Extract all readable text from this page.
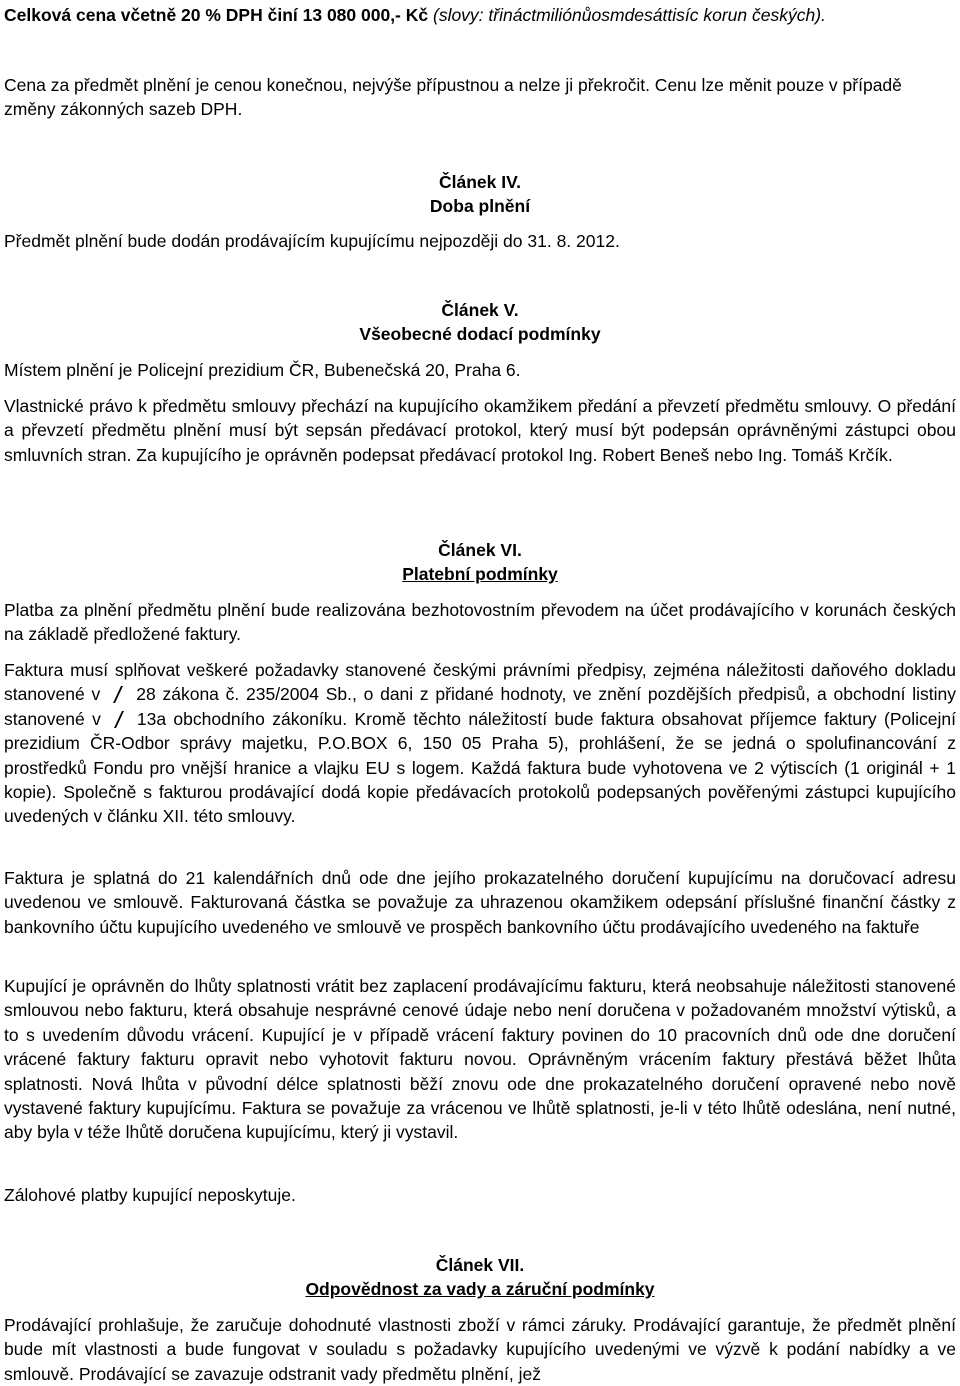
Celková cena včetně 20 % DPH činí 13 080 000,- Kč (slovy: třináctmiliónůosmdesáttisíc korun českých).

Cena za předmět plnění je cenou konečnou, nejvýše přípustnou a nelze ji překročit. Cenu lze měnit pouze v případě změny zákonných sazeb DPH.

Článek IV.

Doba plnění

Předmět plnění bude dodán prodávajícím kupujícímu nejpozději do 31. 8. 2012.

Článek V.

Všeobecné dodací podmínky

Místem plnění je Policejní prezidium ČR, Bubenečská 20, Praha 6.

Vlastnické právo k předmětu smlouvy přechází na kupujícího okamžikem předání a převzetí předmětu smlouvy. O předání a převzetí předmětu plnění musí být sepsán předávací protokol, který musí být podepsán oprávněnými zástupci obou smluvních stran. Za kupujícího je oprávněn podepsat předávací protokol Ing. Robert Beneš nebo Ing. Tomáš Krčík.

Článek VI.

Platební podmínky

Platba za plnění předmětu plnění bude realizována bezhotovostním převodem na účet prodávajícího v korunách českých na základě předložené faktury.

Faktura musí splňovat veškeré požadavky stanovené českými právními předpisy, zejména náležitosti daňového dokladu stanovené v 28 zákona č. 235/2004 Sb., o dani z přidané hodnoty, ve znění pozdějších předpisů, a obchodní listiny stanovené v 13a obchodního zákoníku. Kromě těchto náležitostí bude faktura obsahovat příjemce faktury (Policejní prezidium ČR-Odbor správy majetku, P.O.BOX 6, 150 05 Praha 5), prohlášení, že se jedná o spolufinancování z prostředků Fondu pro vnější hranice a vlajku EU s logem. Každá faktura bude vyhotovena ve 2 výtiscích (1 originál + 1 kopie). Společně s fakturou prodávající dodá kopie předávacích protokolů podepsaných pověřenými zástupci kupujícího uvedených v článku XII. této smlouvy.

Faktura je splatná do 21 kalendářních dnů ode dne jejího prokazatelného doručení kupujícímu na doručovací adresu uvedenou ve smlouvě. Fakturovaná částka se považuje za uhrazenou okamžikem odepsání příslušné finanční částky z bankovního účtu kupujícího uvedeného ve smlouvě ve prospěch bankovního účtu prodávajícího uvedeného na faktuře

Kupující je oprávněn do lhůty splatnosti vrátit bez zaplacení prodávajícímu fakturu, která neobsahuje náležitosti stanovené smlouvou nebo fakturu, která obsahuje nesprávné cenové údaje nebo není doručena v požadovaném množství výtisků, a to s uvedením důvodu vrácení. Kupující je v případě vrácení faktury povinen do 10 pracovních dnů ode dne doručení vrácené faktury fakturu opravit nebo vyhotovit fakturu novou. Oprávněným vrácením faktury přestává běžet lhůta splatnosti. Nová lhůta v původní délce splatnosti běží znovu ode dne prokazatelného doručení opravené nebo nově vystavené faktury kupujícímu. Faktura se považuje za vrácenou ve lhůtě splatnosti, je-li v této lhůtě odeslána, není nutné, aby byla v téže lhůtě doručena kupujícímu, který ji vystavil.

Zálohové platby kupující neposkytuje.

Článek VII.

Odpovědnost za vady a záruční podmínky

Prodávající prohlašuje, že zaručuje dohodnuté vlastnosti zboží v rámci záruky. Prodávající garantuje, že předmět plnění bude mít vlastnosti a bude fungovat v souladu s požadavky kupujícího uvedenými ve výzvě k podání nabídky a ve smlouvě. Prodávající se zavazuje odstranit vady předmětu plnění, jež
